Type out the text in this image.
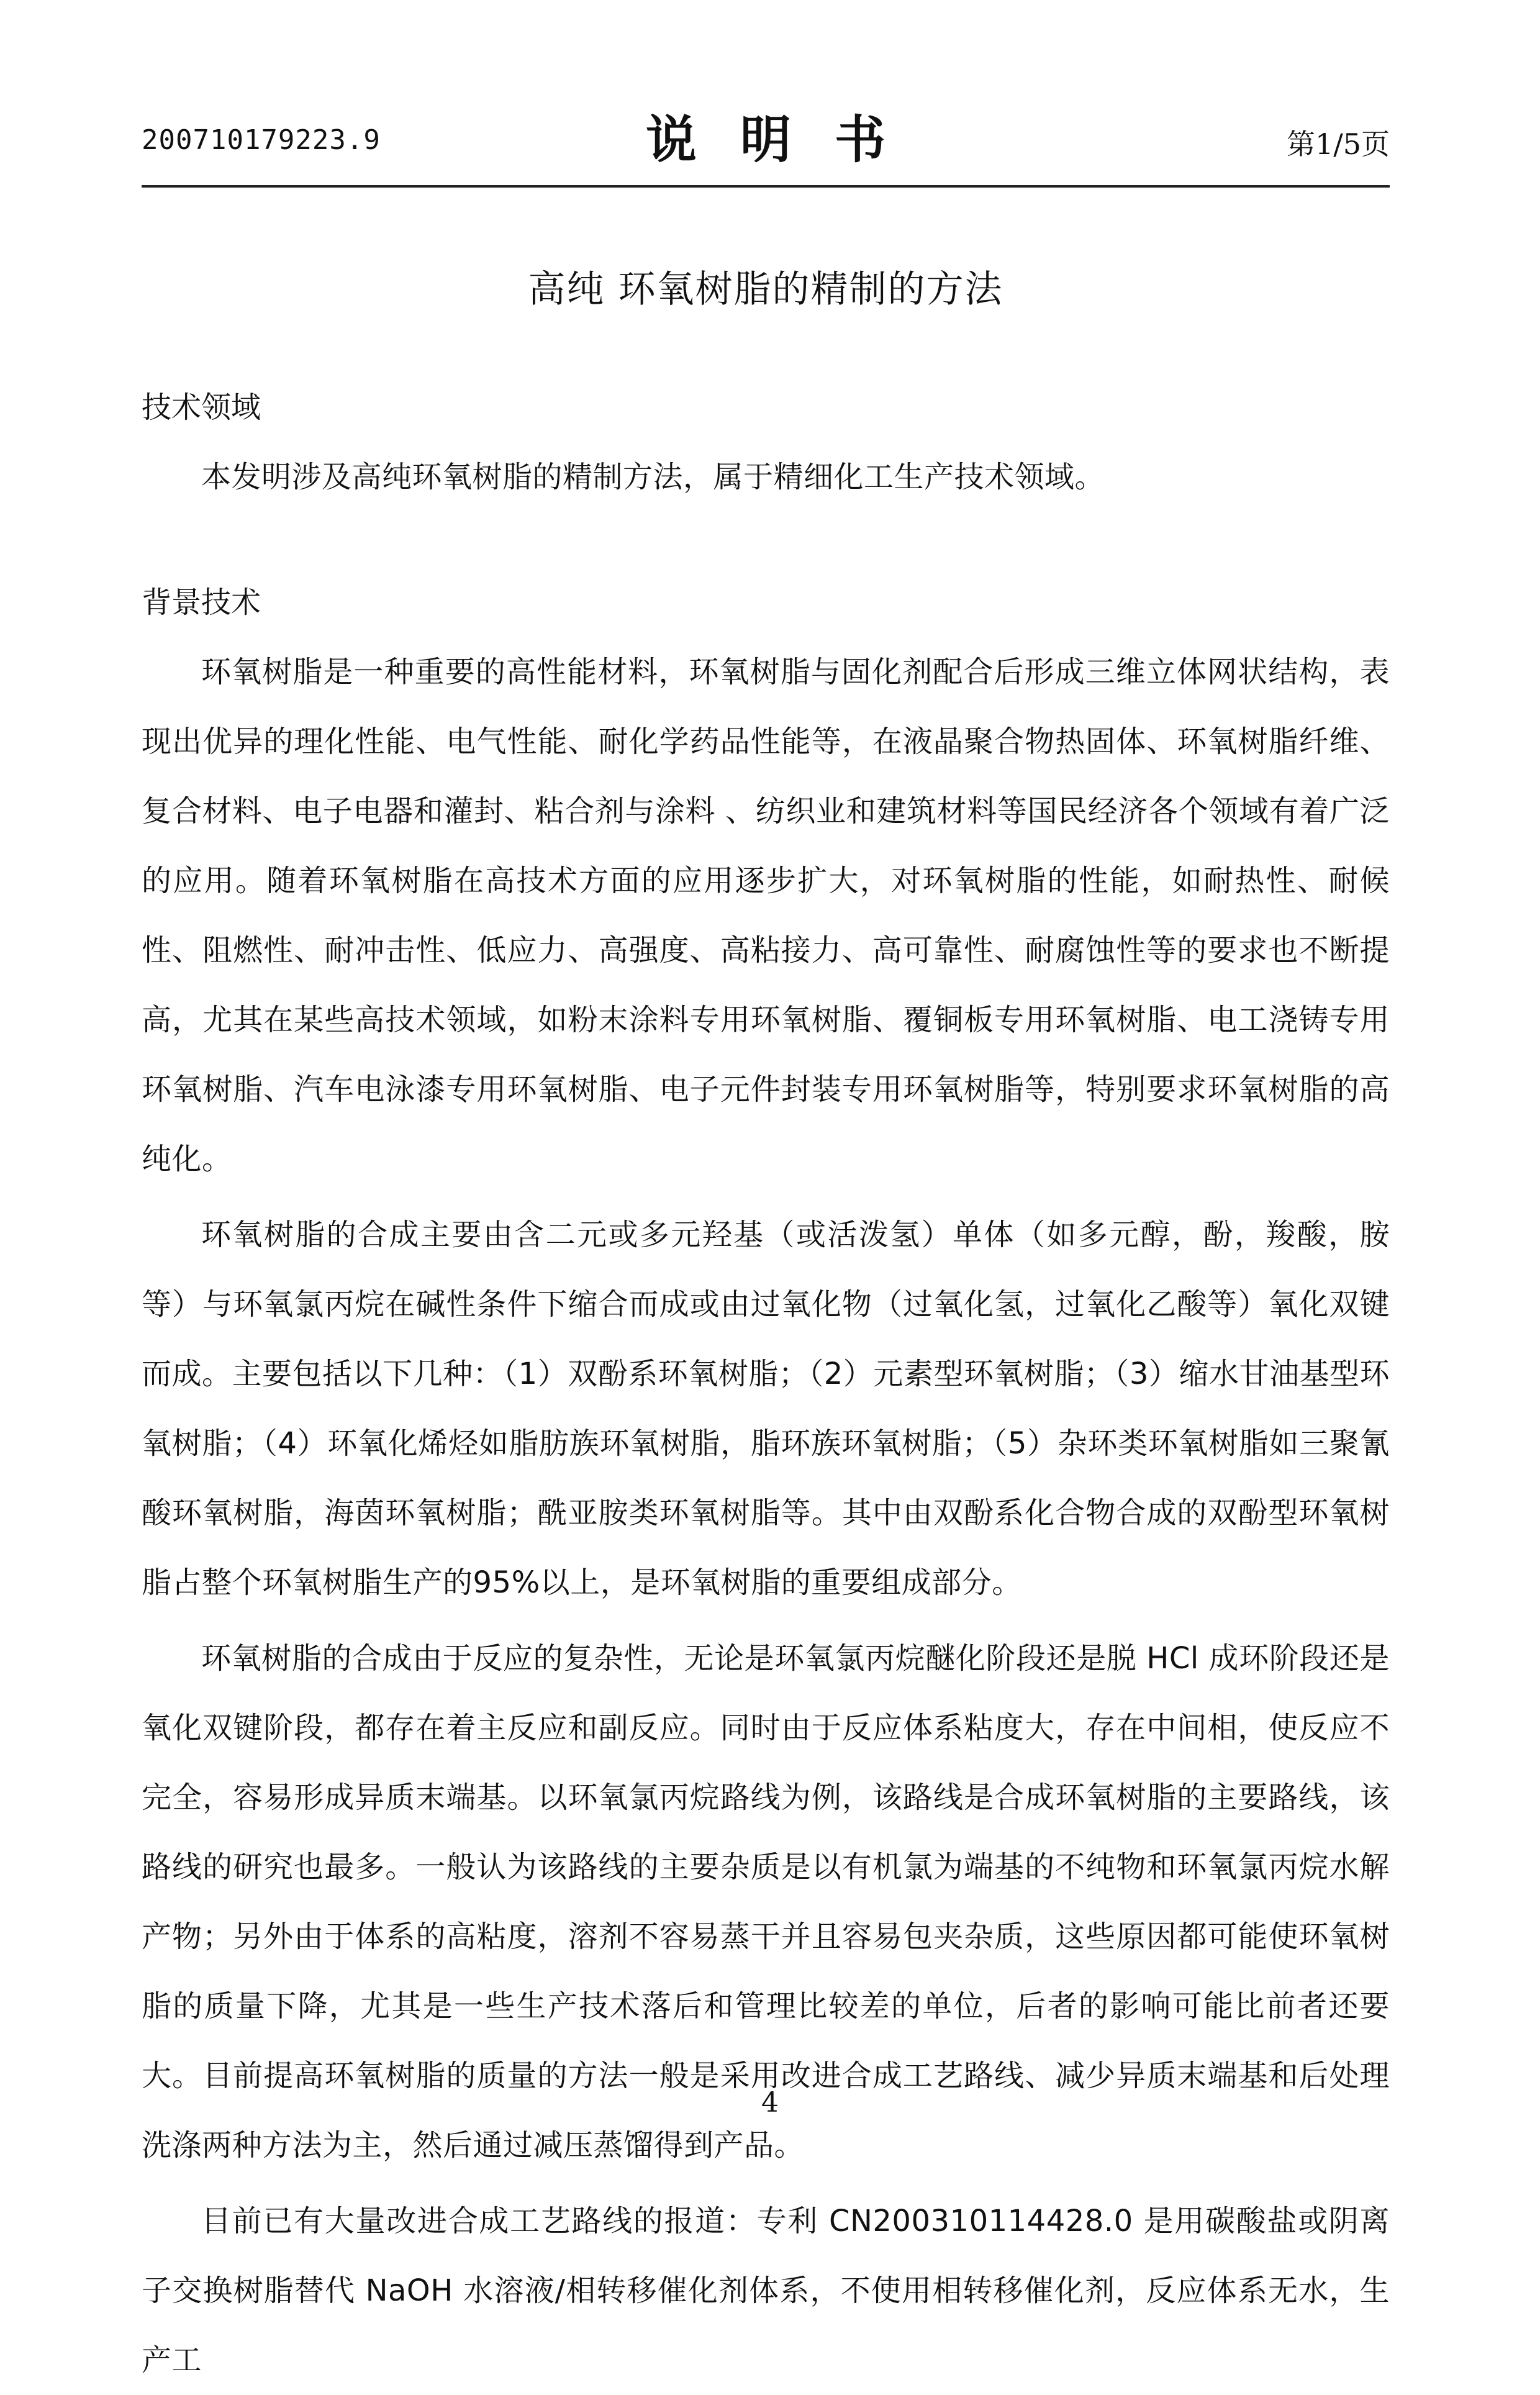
200710179223.9	说明书	第1/5页
高纯 环氧树脂的精制的方法
技术领域

本发明涉及高纯环氧树脂的精制方法，属于精细化工生产技术领域。

背景技术

环氧树脂是一种重要的高性能材料，环氧树脂与固化剂配合后形成三维立体网状结构，表现出优异的理化性能、电气性能、耐化学药品性能等，在液晶聚合物热固体、环氧树脂纤维、复合材料、电子电器和灌封、粘合剂与涂料 、纺织业和建筑材料等国民经济各个领域有着广泛的应用。随着环氧树脂在高技术方面的应用逐步扩大，对环氧树脂的性能，如耐热性、耐候性、阻燃性、耐冲击性、低应力、高强度、高粘接力、高可靠性、耐腐蚀性等的要求也不断提高，尤其在某些高技术领域，如粉末涂料专用环氧树脂、覆铜板专用环氧树脂、电工浇铸专用环氧树脂、汽车电泳漆专用环氧树脂、电子元件封装专用环氧树脂等，特别要求环氧树脂的高纯化。

环氧树脂的合成主要由含二元或多元羟基（或活泼氢）单体（如多元醇，酚，羧酸，胺等）与环氧氯丙烷在碱性条件下缩合而成或由过氧化物（过氧化氢，过氧化乙酸等）氧化双键而成。主要包括以下几种：（1）双酚系环氧树脂；（2）元素型环氧树脂；（3）缩水甘油基型环氧树脂；（4）环氧化烯烃如脂肪族环氧树脂，脂环族环氧树脂；（5）杂环类环氧树脂如三聚氰酸环氧树脂，海茵环氧树脂；酰亚胺类环氧树脂等。其中由双酚系化合物合成的双酚型环氧树脂占整个环氧树脂生产的95%以上，是环氧树脂的重要组成部分。

环氧树脂的合成由于反应的复杂性，无论是环氧氯丙烷醚化阶段还是脱 HCl 成环阶段还是氧化双键阶段，都存在着主反应和副反应。同时由于反应体系粘度大，存在中间相，使反应不完全，容易形成异质末端基。以环氧氯丙烷路线为例，该路线是合成环氧树脂的主要路线，该路线的研究也最多。一般认为该路线的主要杂质是以有机氯为端基的不纯物和环氧氯丙烷水解产物；另外由于体系的高粘度，溶剂不容易蒸干并且容易包夹杂质，这些原因都可能使环氧树脂的质量下降，尤其是一些生产技术落后和管理比较差的单位，后者的影响可能比前者还要大。目前提高环氧树脂的质量的方法一般是采用改进合成工艺路线、减少异质末端基和后处理洗涤两种方法为主，然后通过减压蒸馏得到产品。

目前已有大量改进合成工艺路线的报道：专利 CN200310114428.0 是用碳酸盐或阴离子交换树脂替代 NaOH 水溶液/相转移催化剂体系，不使用相转移催化剂，反应体系无水，生产工

4
